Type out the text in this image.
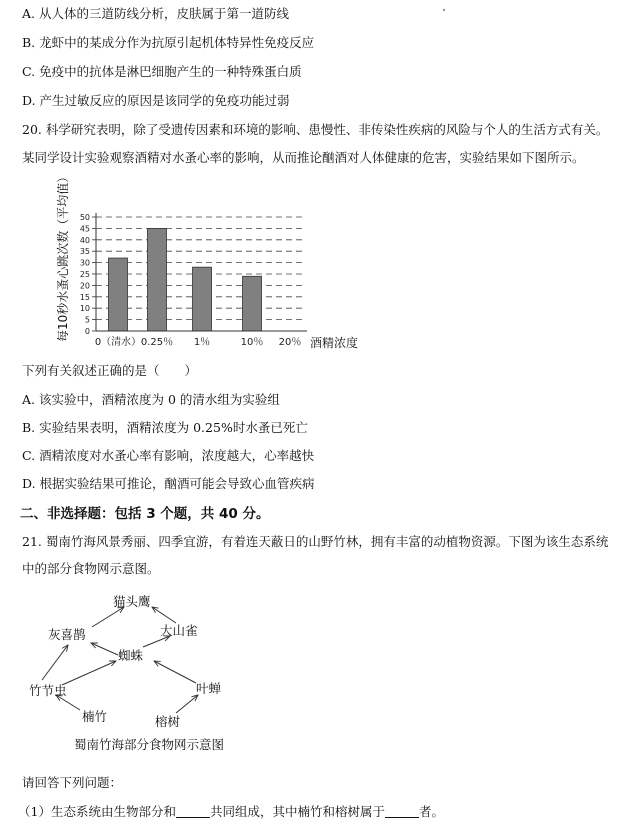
A. 从人体的三道防线分析，皮肤属于第一道防线
B. 龙虾中的某成分作为抗原引起机体特异性免疫反应
C. 免疫中的抗体是淋巴细胞产生的一种特殊蛋白质
D. 产生过敏反应的原因是该同学的免疫功能过弱
20. 科学研究表明，除了受遗传因素和环境的影响、患慢性、非传染性疾病的风险与个人的生活方式有关。
某同学设计实验观察酒精对水蚤心率的影响，从而推论酗酒对人体健康的危害，实验结果如下图所示。
0
5
10
15
20
25
30
35
40
45
50
0（清水） 0.25％ 1％	10％ 20％
每10秒水蚤心跳次数（平均值）
酒精浓度
下列有关叙述正确的是（　　）
A. 该实验中，酒精浓度为 0 的清水组为实验组
B. 实验结果表明，酒精浓度为 0.25%时水蚤已死亡
C. 酒精浓度对水蚤心率有影响，浓度越大，心率越快
D. 根据实验结果可推论，酗酒可能会导致心血管疾病
二、非选择题：包括 3 个题，共 40 分。
21. 蜀南竹海风景秀丽、四季宜游，有着连天蔽日的山野竹林，拥有丰富的动植物资源。下图为该生态系统
中的部分食物网示意图。
猫头鹰
灰喜鹊	大山雀
蜘蛛
竹节虫	叶蝉
楠竹	榕树
蜀南竹海部分食物网示意图
请回答下列问题：
（1）生态系统由生物部分和	共同组成，其中楠竹和榕树属于	者。
